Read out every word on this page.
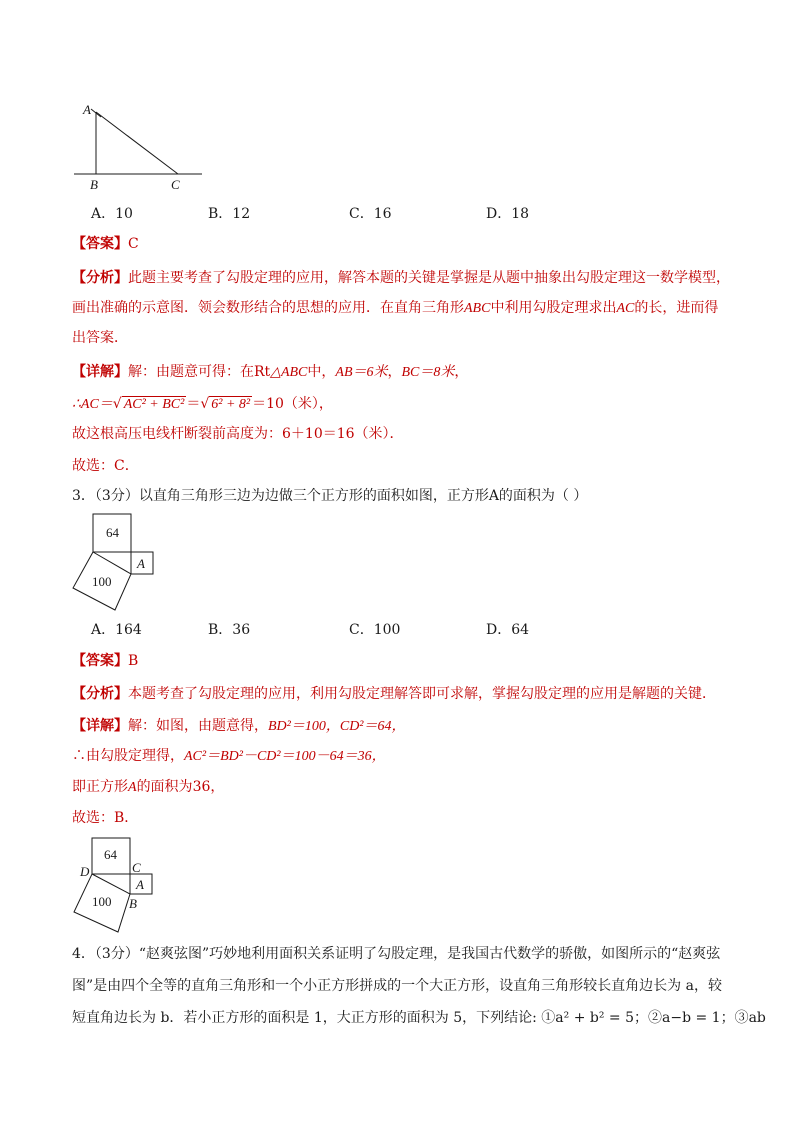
A
B	C
A．10	B．12	C．16	D．18
【答案】C
【分析】此题主要考查了勾股定理的应用，解答本题的关键是掌握是从题中抽象出勾股定理这一数学模型，
画出准确的示意图．领会数形结合的思想的应用．在直角三角形ABC中利用勾股定理求出AC的长，进而得
出答案．
【详解】解：由题意可得：在Rt△ABC中，AB＝6米，BC＝8米，
∴AC＝√ AC² + BC² ＝√ 6² + 8² ＝10（米），
故这根高压电线杆断裂前高度为：6＋10＝16（米）．
故选：C．
3．（3分）以直角三角形三边为边做三个正方形的面积如图，正方形A的面积为（ ）
64
100
A
A．164	B．36	C．100	D．64
【答案】B
【分析】本题考查了勾股定理的应用，利用勾股定理解答即可求解，掌握勾股定理的应用是解题的关键．
【详解】解：如图，由题意得，BD²＝100，CD²＝64，
∴由勾股定理得，AC²＝BD²－CD²＝100－64＝36，
即正方形A的面积为36，
故选：B．
64
100
A
C
D
B
4．（3分）“赵爽弦图”巧妙地利用面积关系证明了勾股定理，是我国古代数学的骄傲，如图所示的“赵爽弦
图”是由四个全等的直角三角形和一个小正方形拼成的一个大正方形，设直角三角形较长直角边长为 a，较
短直角边长为 b．若小正方形的面积是 1，大正方形的面积为 5，下列结论: ①a² + b² = 5；②a−b = 1；③ab
